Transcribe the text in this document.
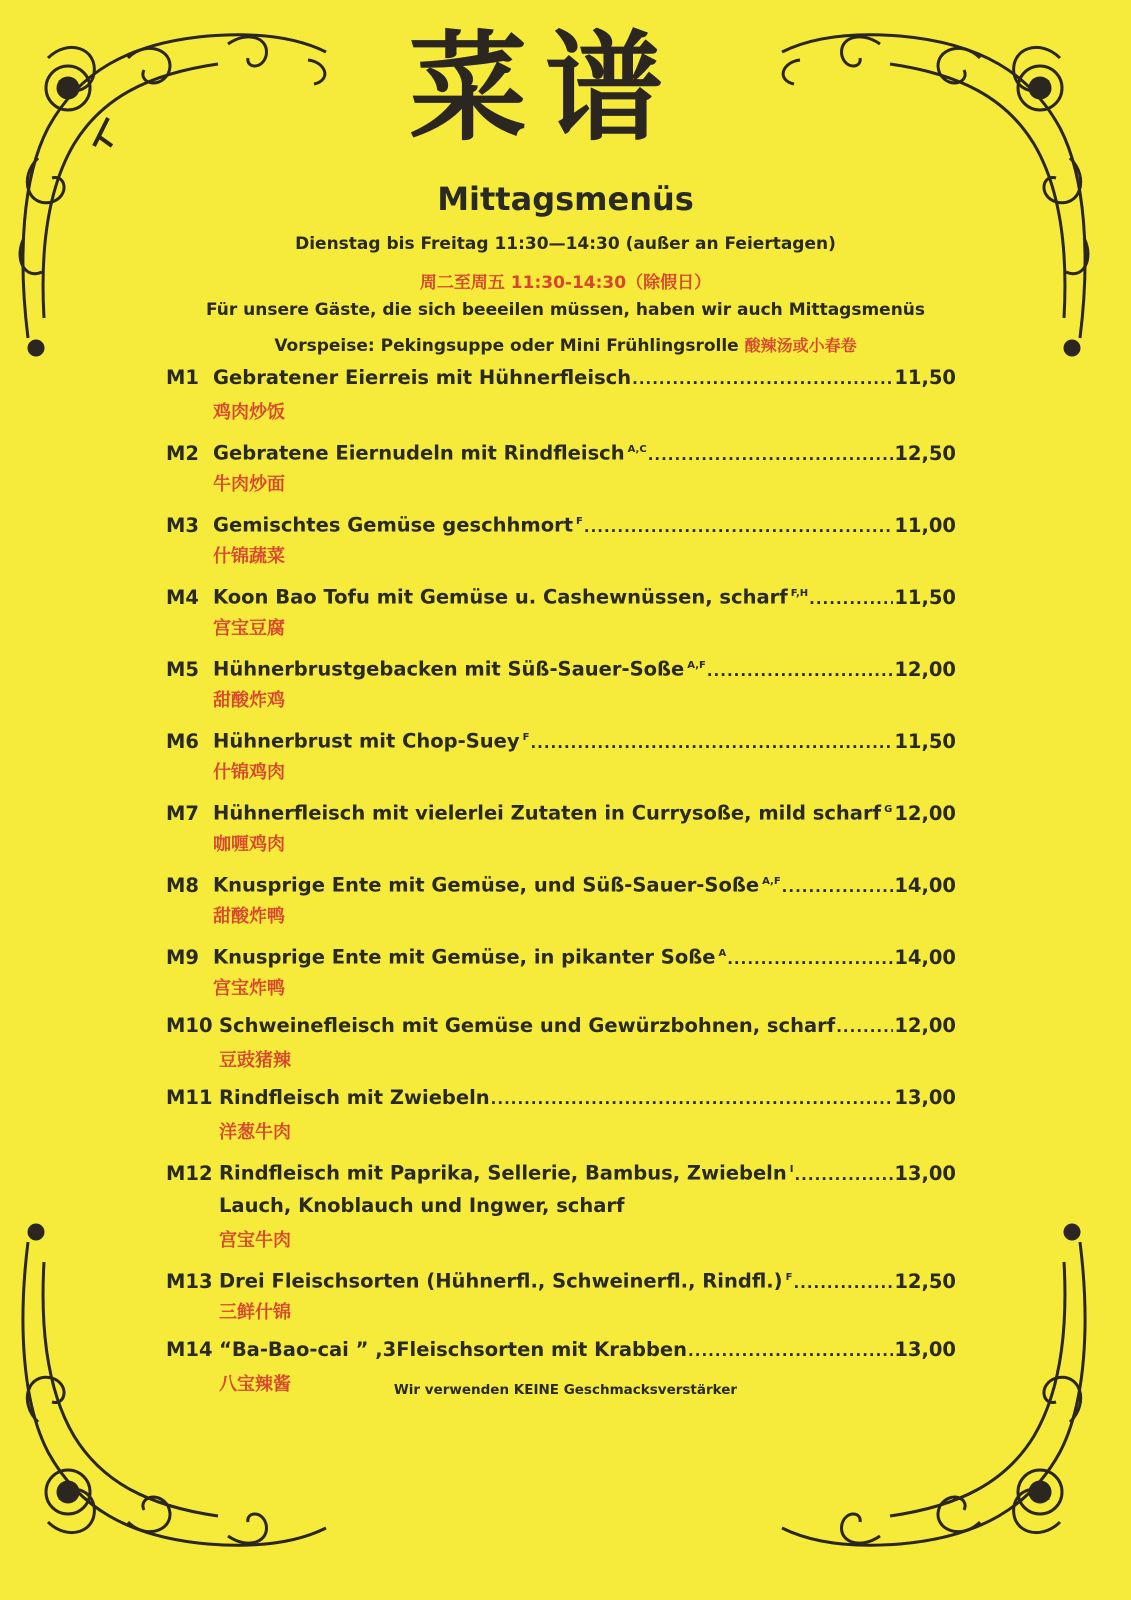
菜谱
Mittagsmenüs
Dienstag bis Freitag 11:30—14:30 (außer an Feiertagen)
周二至周五 11:30-14:30（除假日）
Für unsere Gäste, die sich beeeilen müssen, haben wir auch Mittagsmenüs
Vorspeise: Pekingsuppe oder Mini Frühlingsrolle 酸辣汤或小春卷
M1 Gebratener Eierreis mit Hühnerfleisch .....	11,50
鸡肉炒饭
M2 Gebratene Eiernudeln mit Rindfleisch $^{A,C}$ .....	12,50
牛肉炒面
M3 Gemischtes Gemüse geschhmort $^F$ .....	11,00
什锦蔬菜
M4 Koon Bao Tofu mit Gemüse u. Cashewnüssen, scharf $^{F,H}$ .....	11,50
宫宝豆腐
M5 Hühnerbrustgebacken mit Süß-Sauer-Soße $^{A,F}$ .....	12,00
甜酸炸鸡
M6 Hühnerbrust mit Chop-Suey $^F$ .....	11,50
什锦鸡肉
M7 Hühnerfleisch mit vielerlei Zutaten in Currysoße, mild scharf $^G$ ..... 12,00
咖喱鸡肉
M8 Knusprige Ente mit Gemüse, und Süß-Sauer-Soße $^{A,F}$ .....	14,00
甜酸炸鸭
M9 Knusprige Ente mit Gemüse, in pikanter Soße $^A$ .....	14,00
宫宝炸鸭
M10 Schweinefleisch mit Gemüse und Gewürzbohnen, scharf .....	12,00
豆豉猪辣
M11 Rindfleisch mit Zwiebeln .....	13,00
洋葱牛肉
M12 Rindfleisch mit Paprika, Sellerie, Bambus, Zwiebeln $^I$ .....	13,00
Lauch, Knoblauch und Ingwer, scharf
宫宝牛肉
M13 Drei Fleischsorten (Hühnerfl., Schweinerfl., Rindfl.) $^F$ .....	12,50
三鲜什锦
M14 “Ba-Bao-cai ” ,3Fleischsorten mit Krabben .....	13,00
八宝辣酱	Wir verwenden KEINE Geschmacksverstärker
